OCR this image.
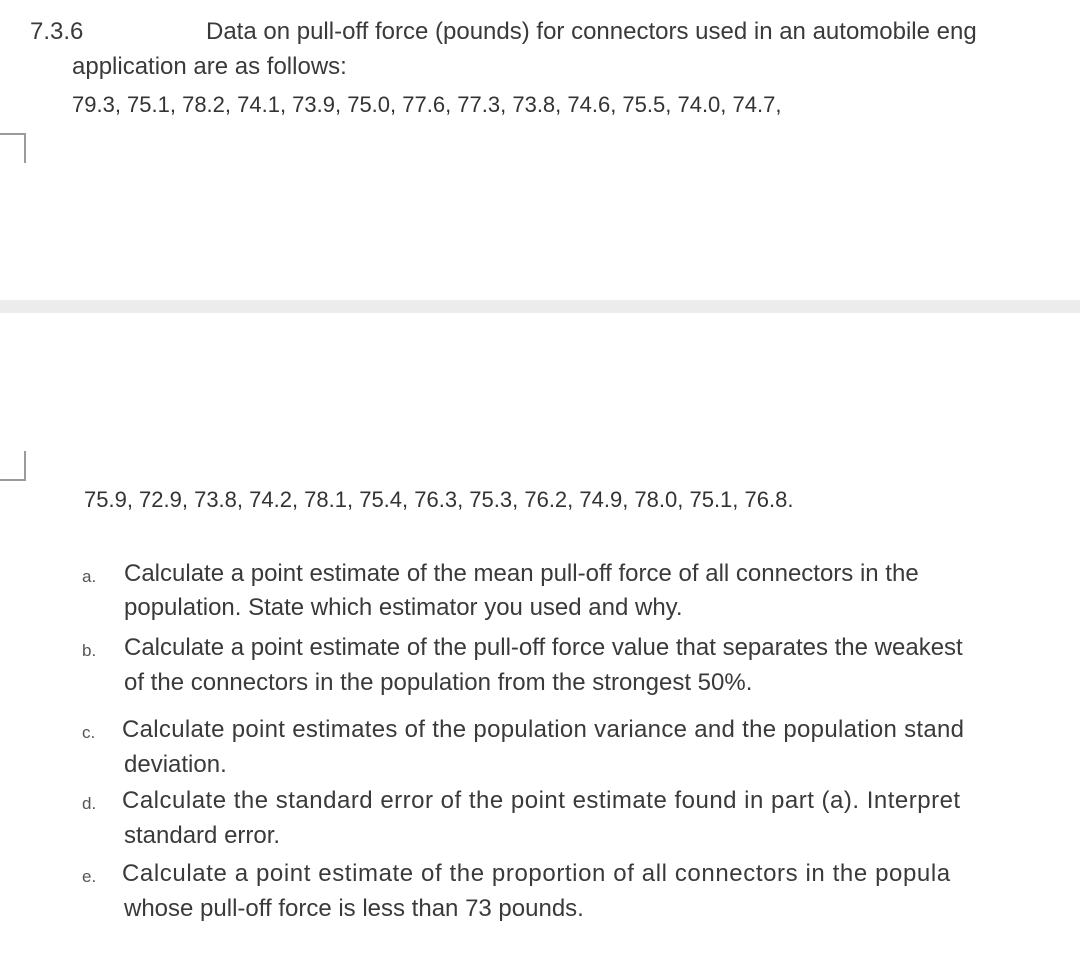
7.3.6	Data on pull-off force (pounds) for connectors used in an automobile eng
application are as follows:
79.3, 75.1, 78.2, 74.1, 73.9, 75.0, 77.6, 77.3, 73.8, 74.6, 75.5, 74.0, 74.7,
75.9, 72.9, 73.8, 74.2, 78.1, 75.4, 76.3, 75.3, 76.2, 74.9, 78.0, 75.1, 76.8.
a. Calculate a point estimate of the mean pull-off force of all connectors in the
population. State which estimator you used and why.
b. Calculate a point estimate of the pull-off force value that separates the weakest
of the connectors in the population from the strongest 50%.
c. Calculate point estimates of the population variance and the population stand
deviation.
d. Calculate the standard error of the point estimate found in part (a). Interpret
standard error.
e. Calculate a point estimate of the proportion of all connectors in the popula
whose pull-off force is less than 73 pounds.
